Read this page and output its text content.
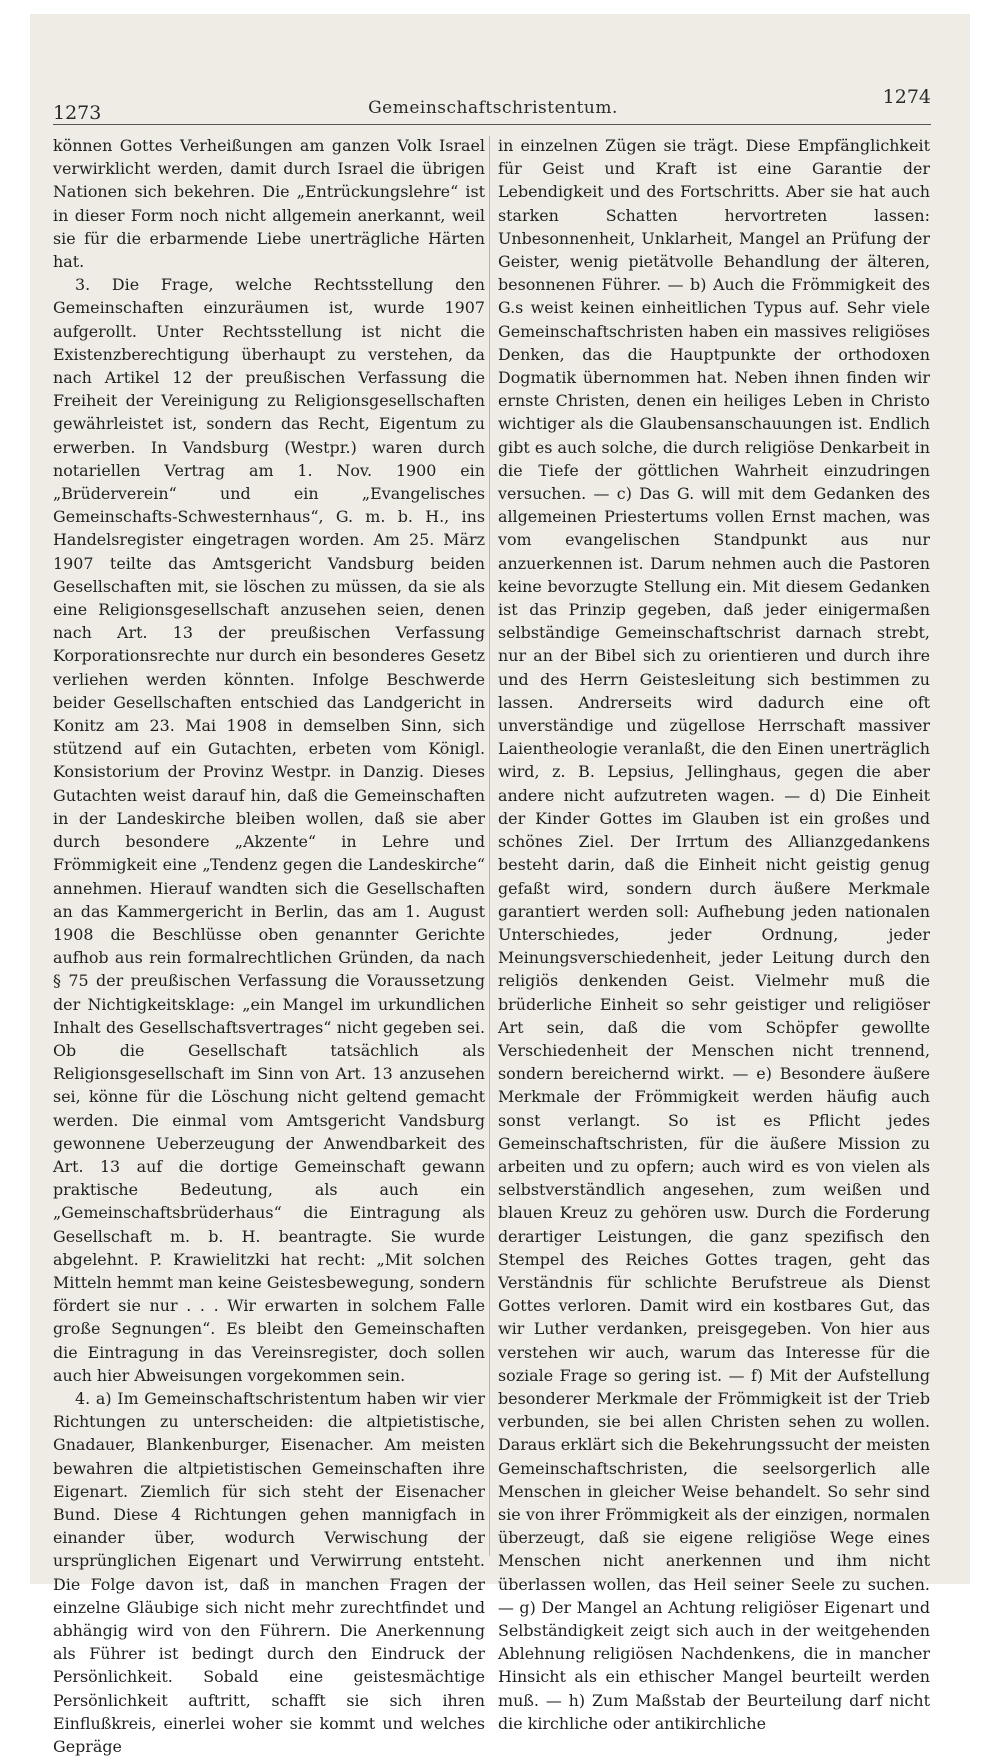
1273	Gemeinschaftschristentum.	1274

können Gottes Verheißungen am ganzen Volk Israel verwirklicht werden, damit durch Israel die übrigen Nationen sich bekehren. Die „Entrückungslehre“ ist in dieser Form noch nicht allgemein anerkannt, weil sie für die erbarmende Liebe unerträgliche Härten hat.

3. Die Frage, welche Rechtsstellung den Gemeinschaften einzuräumen ist, wurde 1907 aufgerollt. Unter Rechtsstellung ist nicht die Existenzberechtigung überhaupt zu verstehen, da nach Artikel 12 der preußischen Verfassung die Freiheit der Vereinigung zu Religionsgesellschaften gewährleistet ist, sondern das Recht, Eigentum zu erwerben. In Vandsburg (Westpr.) waren durch notariellen Vertrag am 1. Nov. 1900 ein „Brüderverein“ und ein „Evangelisches Gemeinschafts-Schwesternhaus“, G. m. b. H., ins Handelsregister eingetragen worden. Am 25. März 1907 teilte das Amtsgericht Vandsburg beiden Gesellschaften mit, sie löschen zu müssen, da sie als eine Religionsgesellschaft anzusehen seien, denen nach Art. 13 der preußischen Verfassung Korporationsrechte nur durch ein besonderes Gesetz verliehen werden könnten. Infolge Beschwerde beider Gesellschaften entschied das Landgericht in Konitz am 23. Mai 1908 in demselben Sinn, sich stützend auf ein Gutachten, erbeten vom Königl. Konsistorium der Provinz Westpr. in Danzig. Dieses Gutachten weist darauf hin, daß die Gemeinschaften in der Landeskirche bleiben wollen, daß sie aber durch besondere „Akzente“ in Lehre und Frömmigkeit eine „Tendenz gegen die Landeskirche“ annehmen. Hierauf wandten sich die Gesellschaften an das Kammergericht in Berlin, das am 1. August 1908 die Beschlüsse oben genannter Gerichte aufhob aus rein formalrechtlichen Gründen, da nach § 75 der preußischen Verfassung die Voraussetzung der Nichtigkeitsklage: „ein Mangel im urkundlichen Inhalt des Gesellschaftsvertrages“ nicht gegeben sei. Ob die Gesellschaft tatsächlich als Religionsgesellschaft im Sinn von Art. 13 anzusehen sei, könne für die Löschung nicht geltend gemacht werden. Die einmal vom Amtsgericht Vandsburg gewonnene Ueberzeugung der Anwendbarkeit des Art. 13 auf die dortige Gemeinschaft gewann praktische Bedeutung, als auch ein „Gemeinschaftsbrüderhaus“ die Eintragung als Gesellschaft m. b. H. beantragte. Sie wurde abgelehnt. P. Krawielitzki hat recht: „Mit solchen Mitteln hemmt man keine Geistesbewegung, sondern fördert sie nur . . . Wir erwarten in solchem Falle große Segnungen“. Es bleibt den Gemeinschaften die Eintragung in das Vereinsregister, doch sollen auch hier Abweisungen vorgekommen sein.

4. a) Im Gemeinschaftschristentum haben wir vier Richtungen zu unterscheiden: die altpietistische, Gnadauer, Blankenburger, Eisenacher. Am meisten bewahren die altpietistischen Gemeinschaften ihre Eigenart. Ziemlich für sich steht der Eisenacher Bund. Diese 4 Richtungen gehen mannigfach in einander über, wodurch Verwischung der ursprünglichen Eigenart und Verwirrung entsteht. Die Folge davon ist, daß in manchen Fragen der einzelne Gläubige sich nicht mehr zurechtfindet und abhängig wird von den Führern. Die Anerkennung als Führer ist bedingt durch den Eindruck der Persönlichkeit. Sobald eine geistesmächtige Persönlichkeit auftritt, schafft sie sich ihren Einflußkreis, einerlei woher sie kommt und welches Gepräge

in einzelnen Zügen sie trägt. Diese Empfänglichkeit für Geist und Kraft ist eine Garantie der Lebendigkeit und des Fortschritts. Aber sie hat auch starken Schatten hervortreten lassen: Unbesonnenheit, Unklarheit, Mangel an Prüfung der Geister, wenig pietätvolle Behandlung der älteren, besonnenen Führer. — b) Auch die Frömmigkeit des G.s weist keinen einheitlichen Typus auf. Sehr viele Gemeinschaftschristen haben ein massives religiöses Denken, das die Hauptpunkte der orthodoxen Dogmatik übernommen hat. Neben ihnen finden wir ernste Christen, denen ein heiliges Leben in Christo wichtiger als die Glaubensanschauungen ist. Endlich gibt es auch solche, die durch religiöse Denkarbeit in die Tiefe der göttlichen Wahrheit einzudringen versuchen. — c) Das G. will mit dem Gedanken des allgemeinen Priestertums vollen Ernst machen, was vom evangelischen Standpunkt aus nur anzuerkennen ist. Darum nehmen auch die Pastoren keine bevorzugte Stellung ein. Mit diesem Gedanken ist das Prinzip gegeben, daß jeder einigermaßen selbständige Gemeinschaftschrist darnach strebt, nur an der Bibel sich zu orientieren und durch ihre und des Herrn Geistesleitung sich bestimmen zu lassen. Andrerseits wird dadurch eine oft unverständige und zügellose Herrschaft massiver Laientheologie veranlaßt, die den Einen unerträglich wird, z. B. Lepsius, Jellinghaus, gegen die aber andere nicht aufzutreten wagen. — d) Die Einheit der Kinder Gottes im Glauben ist ein großes und schönes Ziel. Der Irrtum des Allianzgedankens besteht darin, daß die Einheit nicht geistig genug gefaßt wird, sondern durch äußere Merkmale garantiert werden soll: Aufhebung jeden nationalen Unterschiedes, jeder Ordnung, jeder Meinungsverschiedenheit, jeder Leitung durch den religiös denkenden Geist. Vielmehr muß die brüderliche Einheit so sehr geistiger und religiöser Art sein, daß die vom Schöpfer gewollte Verschiedenheit der Menschen nicht trennend, sondern bereichernd wirkt. — e) Besondere äußere Merkmale der Frömmigkeit werden häufig auch sonst verlangt. So ist es Pflicht jedes Gemeinschaftschristen, für die äußere Mission zu arbeiten und zu opfern; auch wird es von vielen als selbstverständlich angesehen, zum weißen und blauen Kreuz zu gehören usw. Durch die Forderung derartiger Leistungen, die ganz spezifisch den Stempel des Reiches Gottes tragen, geht das Verständnis für schlichte Berufstreue als Dienst Gottes verloren. Damit wird ein kostbares Gut, das wir Luther verdanken, preisgegeben. Von hier aus verstehen wir auch, warum das Interesse für die soziale Frage so gering ist. — f) Mit der Aufstellung besonderer Merkmale der Frömmigkeit ist der Trieb verbunden, sie bei allen Christen sehen zu wollen. Daraus erklärt sich die Bekehrungssucht der meisten Gemeinschaftschristen, die seelsorgerlich alle Menschen in gleicher Weise behandelt. So sehr sind sie von ihrer Frömmigkeit als der einzigen, normalen überzeugt, daß sie eigene religiöse Wege eines Menschen nicht anerkennen und ihm nicht überlassen wollen, das Heil seiner Seele zu suchen. — g) Der Mangel an Achtung religiöser Eigenart und Selbständigkeit zeigt sich auch in der weitgehenden Ablehnung religiösen Nachdenkens, die in mancher Hinsicht als ein ethischer Mangel beurteilt werden muß. — h) Zum Maßstab der Beurteilung darf nicht die kirchliche oder antikirchliche
